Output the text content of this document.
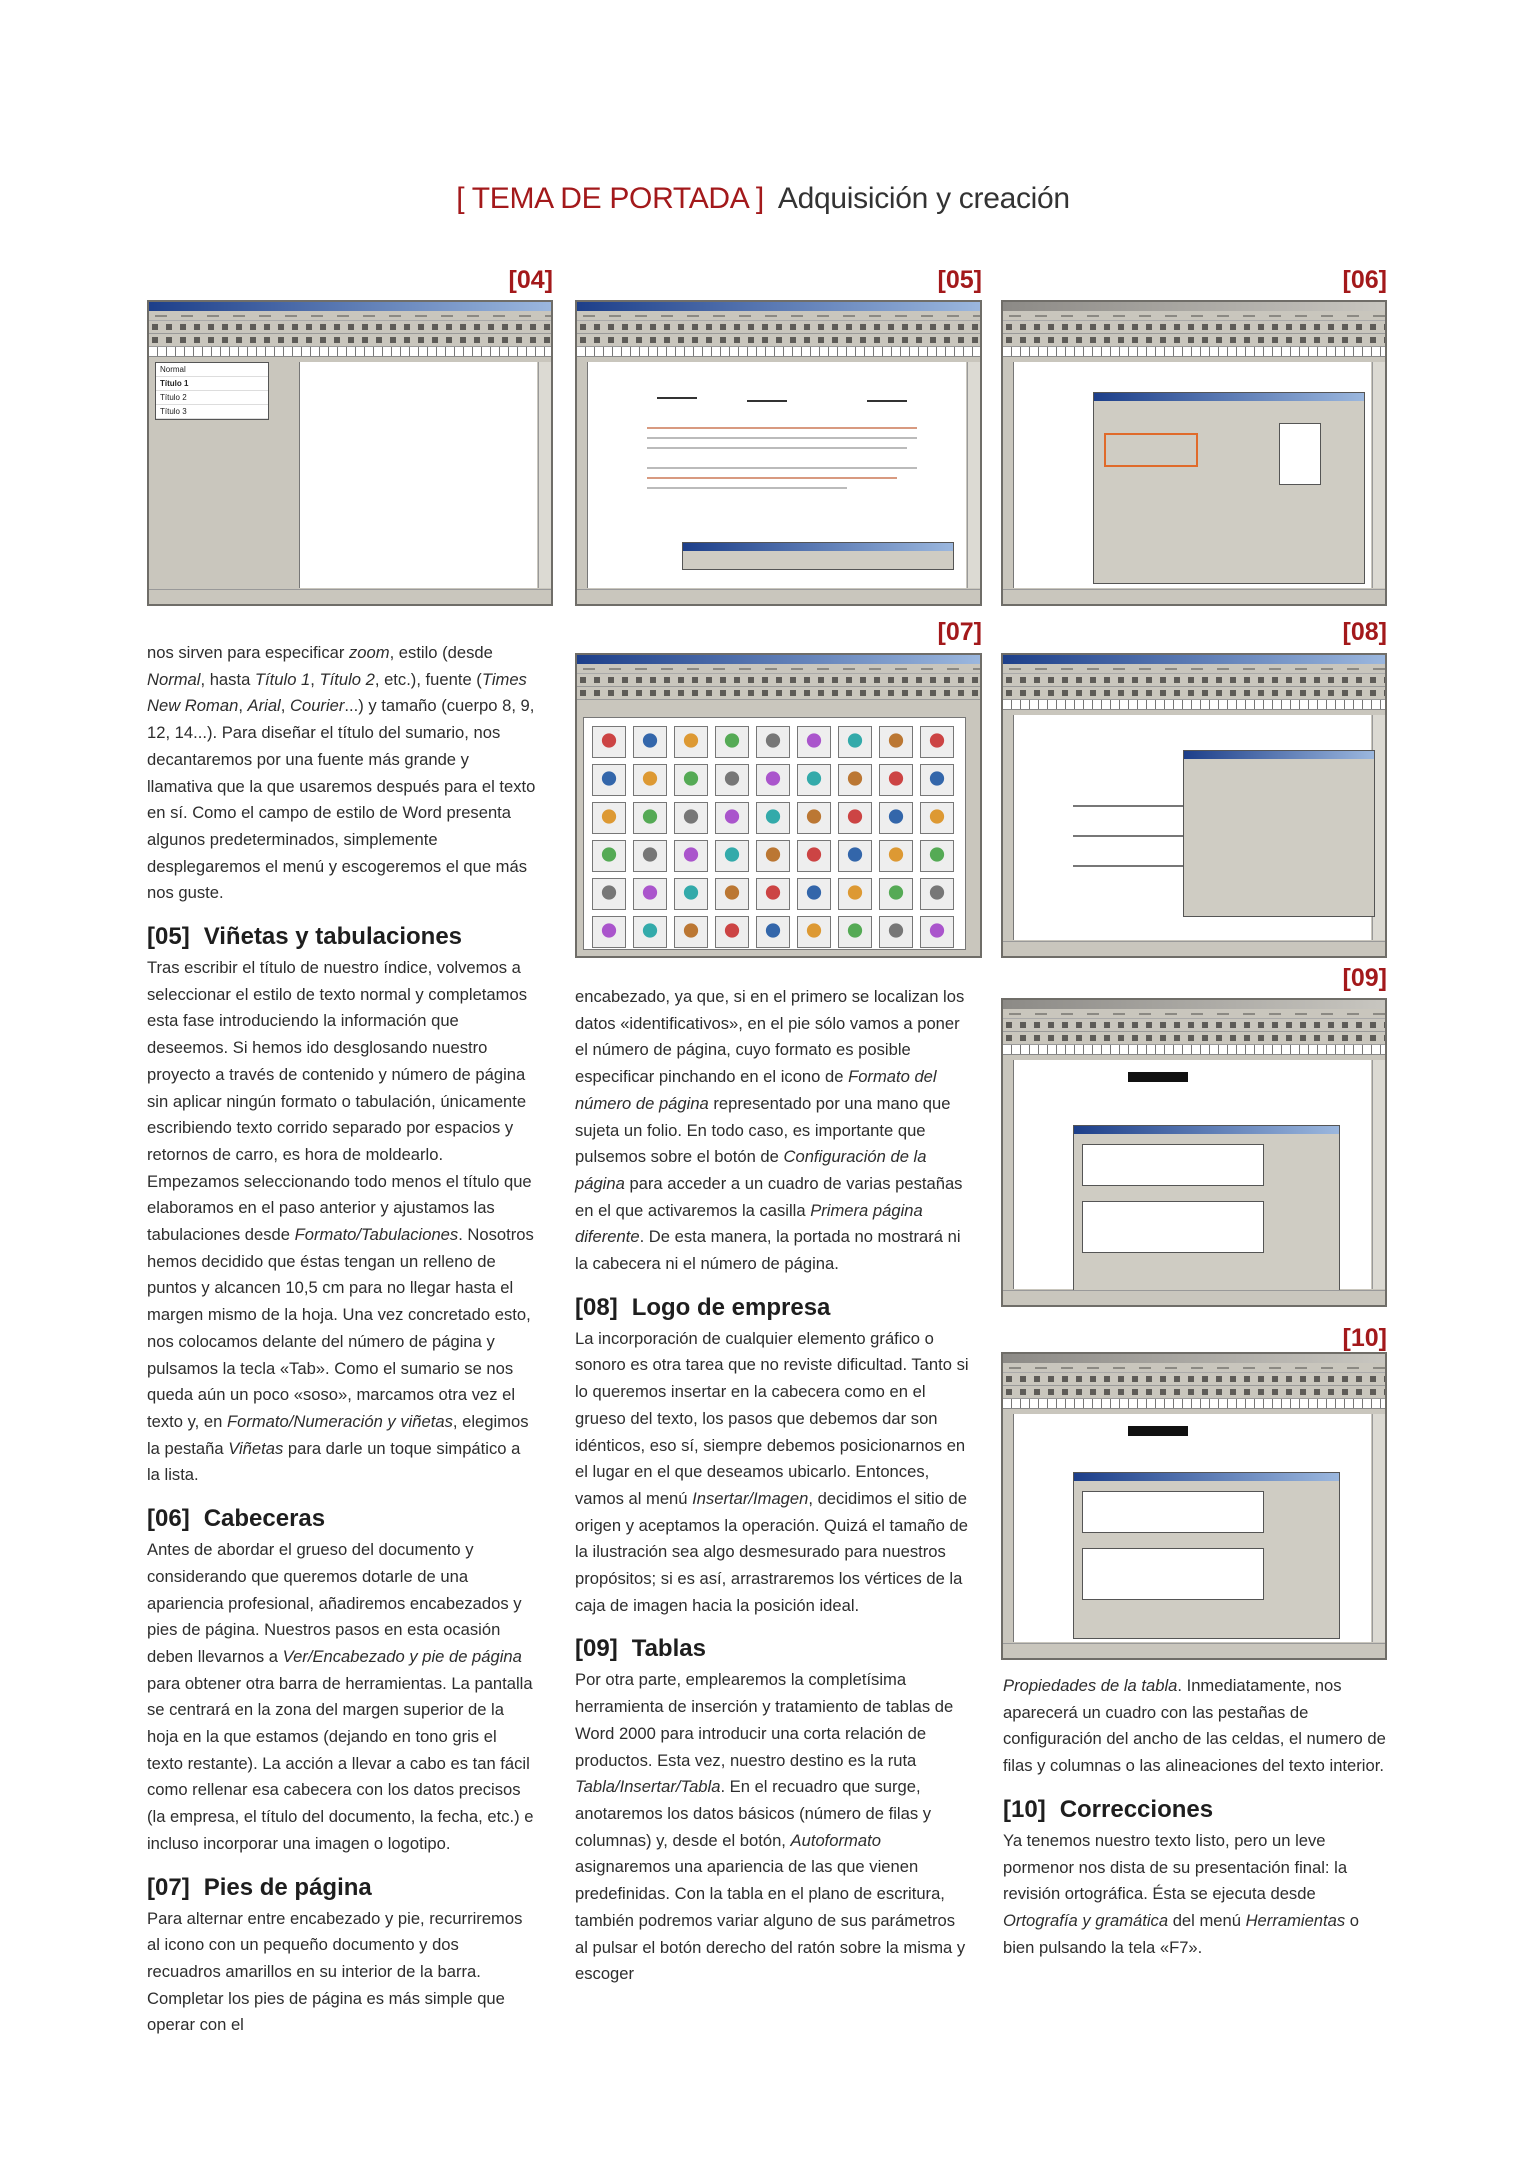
[ TEMA DE PORTADA ] Adquisición y creación
[04]	[05]	[06]
[07]	[08]
[09]
[10]
Normal
Título 1
Título 2
Título 3

nos sirven para especificar zoom, estilo (desde Normal, hasta Título 1, Título 2, etc.), fuente (Times New Roman, Arial, Courier...) y tamaño (cuerpo 8, 9, 12, 14...). Para diseñar el título del sumario, nos decantaremos por una fuente más grande y llamativa que la que usaremos después para el texto en sí. Como el campo de estilo de Word presenta algunos predeterminados, simplemente desplegaremos el menú y escogeremos el que más nos guste.

[05] Viñetas y tabulaciones

Tras escribir el título de nuestro índice, volvemos a seleccionar el estilo de texto normal y completamos esta fase introduciendo la información que deseemos. Si hemos ido desglosando nuestro proyecto a través de contenido y número de página sin aplicar ningún formato o tabulación, únicamente escribiendo texto corrido separado por espacios y retornos de carro, es hora de moldearlo. Empezamos seleccionando todo menos el título que elaboramos en el paso anterior y ajustamos las tabulaciones desde Formato/Tabulaciones. Nosotros hemos decidido que éstas tengan un relleno de puntos y alcancen 10,5 cm para no llegar hasta el margen mismo de la hoja. Una vez concretado esto, nos colocamos delante del número de página y pulsamos la tecla «Tab». Como el sumario se nos queda aún un poco «soso», marcamos otra vez el texto y, en Formato/Numeración y viñetas, elegimos la pestaña Viñetas para darle un toque simpático a la lista.

[06] Cabeceras

Antes de abordar el grueso del documento y considerando que queremos dotarle de una apariencia profesional, añadiremos encabezados y pies de página. Nuestros pasos en esta ocasión deben llevarnos a Ver/Encabezado y pie de página para obtener otra barra de herramientas. La pantalla se centrará en la zona del margen superior de la hoja en la que estamos (dejando en tono gris el texto restante). La acción a llevar a cabo es tan fácil como rellenar esa cabecera con los datos precisos (la empresa, el título del documento, la fecha, etc.) e incluso incorporar una imagen o logotipo.

[07] Pies de página

Para alternar entre encabezado y pie, recurriremos al icono con un pequeño documento y dos recuadros amarillos en su interior de la barra. Completar los pies de página es más simple que operar con el

encabezado, ya que, si en el primero se localizan los datos «identificativos», en el pie sólo vamos a poner el número de página, cuyo formato es posible especificar pinchando en el icono de Formato del número de página representado por una mano que sujeta un folio. En todo caso, es importante que pulsemos sobre el botón de Configuración de la página para acceder a un cuadro de varias pestañas en el que activaremos la casilla Primera página diferente. De esta manera, la portada no mostrará ni la cabecera ni el número de página.

[08] Logo de empresa

La incorporación de cualquier elemento gráfico o sonoro es otra tarea que no reviste dificultad. Tanto si lo queremos insertar en la cabecera como en el grueso del texto, los pasos que debemos dar son idénticos, eso sí, siempre debemos posicionarnos en el lugar en el que deseamos ubicarlo. Entonces, vamos al menú Insertar/Imagen, decidimos el sitio de origen y aceptamos la operación. Quizá el tamaño de la ilustración sea algo desmesurado para nuestros propósitos; si es así, arrastraremos los vértices de la caja de imagen hacia la posición ideal.

[09] Tablas

Por otra parte, emplearemos la completísima herramienta de inserción y tratamiento de tablas de Word 2000 para introducir una corta relación de productos. Esta vez, nuestro destino es la ruta Tabla/Insertar/Tabla. En el recuadro que surge, anotaremos los datos básicos (número de filas y columnas) y, desde el botón, Autoformato asignaremos una apariencia de las que vienen predefinidas. Con la tabla en el plano de escritura, también podremos variar alguno de sus parámetros al pulsar el botón derecho del ratón sobre la misma y escoger

Propiedades de la tabla. Inmediatamente, nos aparecerá un cuadro con las pestañas de configuración del ancho de las celdas, el numero de filas y columnas o las alineaciones del texto interior.

[10] Correcciones

Ya tenemos nuestro texto listo, pero un leve pormenor nos dista de su presentación final: la revisión ortográfica. Ésta se ejecuta desde Ortografía y gramática del menú Herramientas o bien pulsando la tela «F7».
